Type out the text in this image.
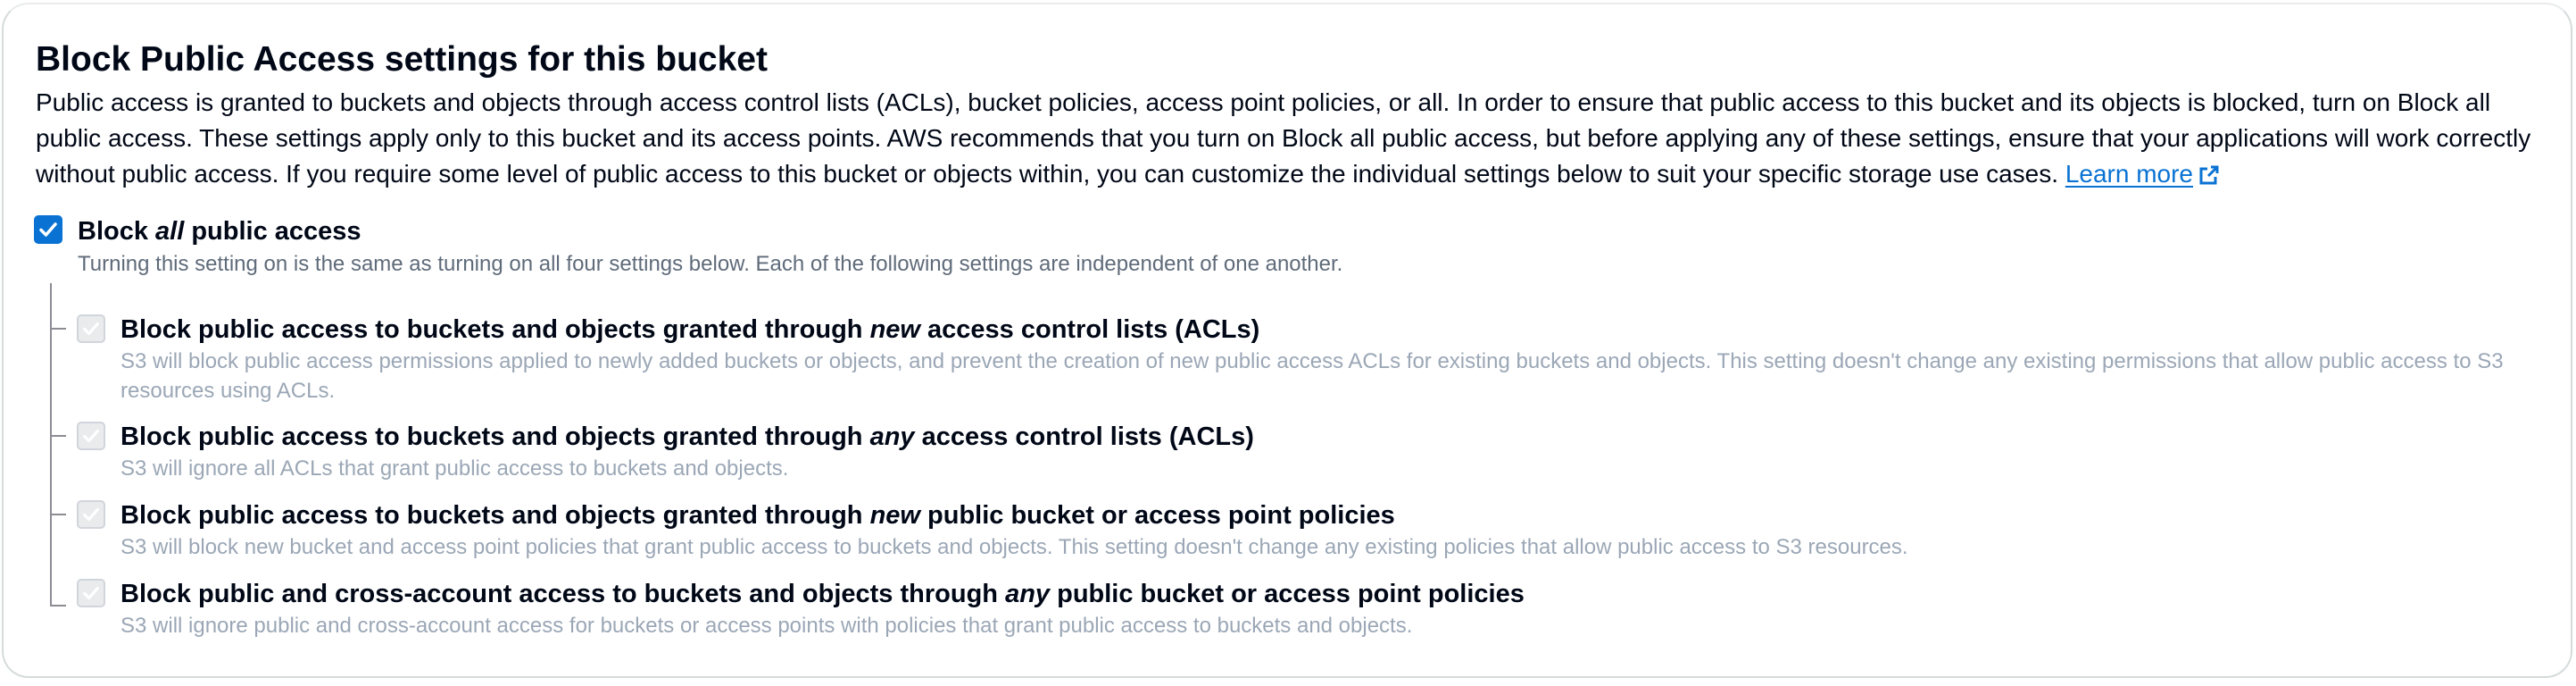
Block Public Access settings for this bucket
Public access is granted to buckets and objects through access control lists (ACLs), bucket policies, access point policies, or all. In order to ensure that public access to this bucket and its objects is blocked, turn on Block all public access. These settings apply only to this bucket and its access points. AWS recommends that you turn on Block all public access, but before applying any of these settings, ensure that your applications will work correctly without public access. If you require some level of public access to this bucket or objects within, you can customize the individual settings below to suit your specific storage use cases. Learn more
Block all public access
Turning this setting on is the same as turning on all four settings below. Each of the following settings are independent of one another.
Block public access to buckets and objects granted through new access control lists (ACLs)
S3 will block public access permissions applied to newly added buckets or objects, and prevent the creation of new public access ACLs for existing buckets and objects. This setting doesn't change any existing permissions that allow public access to S3 resources using ACLs.
Block public access to buckets and objects granted through any access control lists (ACLs)
S3 will ignore all ACLs that grant public access to buckets and objects.
Block public access to buckets and objects granted through new public bucket or access point policies
S3 will block new bucket and access point policies that grant public access to buckets and objects. This setting doesn't change any existing policies that allow public access to S3 resources.
Block public and cross-account access to buckets and objects through any public bucket or access point policies
S3 will ignore public and cross-account access for buckets or access points with policies that grant public access to buckets and objects.
